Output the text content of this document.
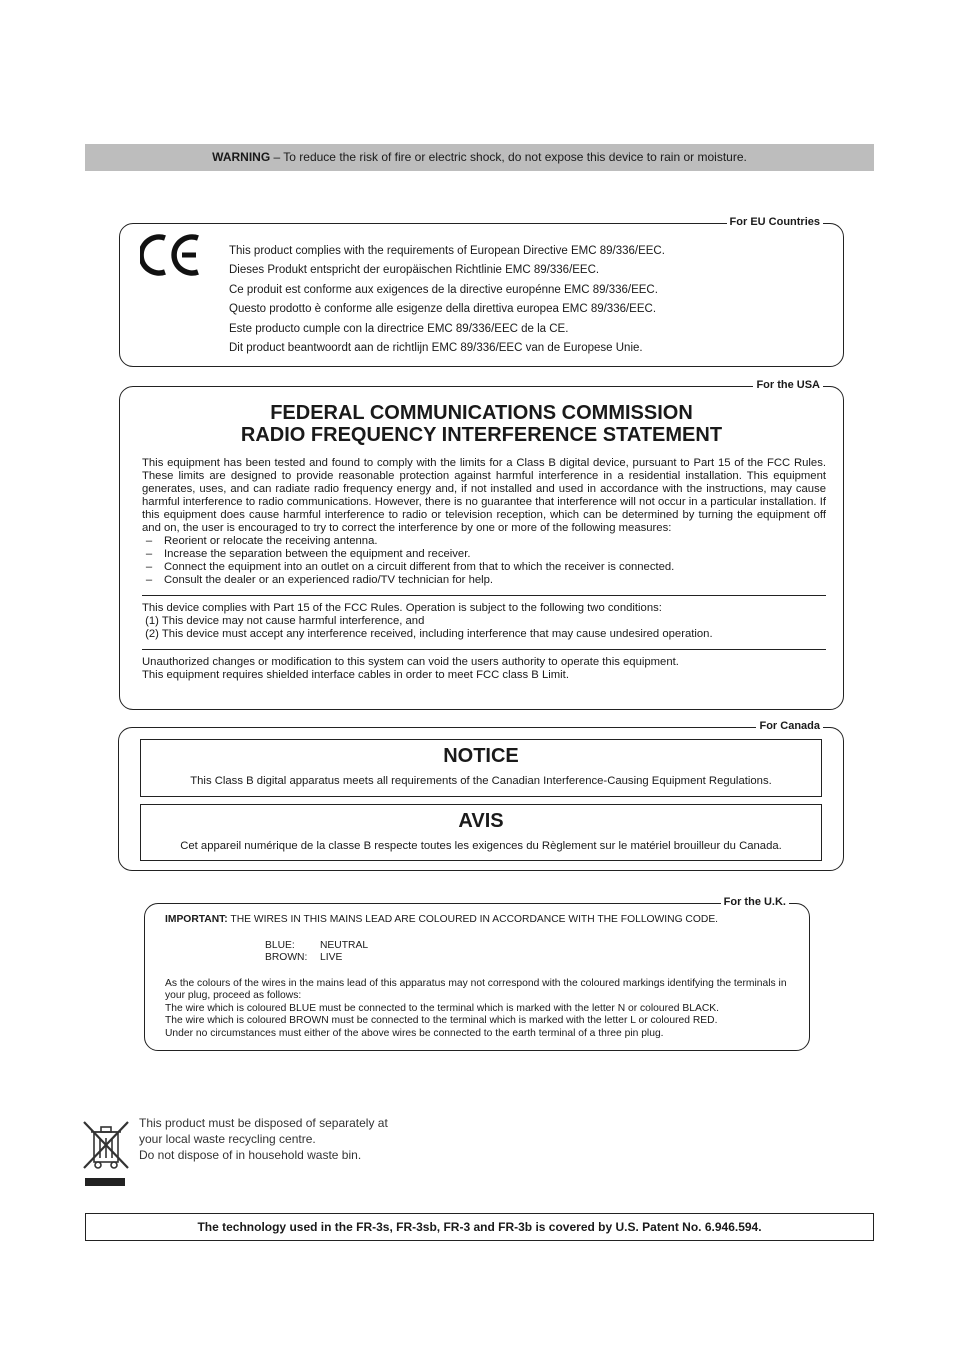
WARNING – To reduce the risk of fire or electric shock, do not expose this device to rain or moisture.
For EU Countries
This product complies with the requirements of European Directive EMC 89/336/EEC.
Dieses Produkt entspricht der europäischen Richtlinie EMC 89/336/EEC.
Ce produit est conforme aux exigences de la directive europénne EMC 89/336/EEC.
Questo prodotto è conforme alle esigenze della direttiva europea EMC 89/336/EEC.
Este producto cumple con la directrice EMC 89/336/EEC de la CE.
Dit product beantwoordt aan de richtlijn EMC 89/336/EEC van de Europese Unie.
For the USA
FEDERAL COMMUNICATIONS COMMISSION
RADIO FREQUENCY INTERFERENCE STATEMENT
This equipment has been tested and found to comply with the limits for a Class B digital device, pursuant to Part 15 of the FCC Rules. These limits are designed to provide reasonable protection against harmful interference in a residential installation. This equipment generates, uses, and can radiate radio frequency energy and, if not installed and used in accordance with the instructions, may cause harmful interference to radio communications. However, there is no guarantee that interference will not occur in a particular installation. If this equipment does cause harmful interference to radio or television reception, which can be determined by turning the equipment off and on, the user is encouraged to try to correct the interference by one or more of the following measures:
–	Reorient or relocate the receiving antenna.
–	Increase the separation between the equipment and receiver.
–	Connect the equipment into an outlet on a circuit different from that to which the receiver is connected.
–	Consult the dealer or an experienced radio/TV technician for help.
This device complies with Part 15 of the FCC Rules. Operation is subject to the following two conditions:
(1) This device may not cause harmful interference, and
(2) This device must accept any interference received, including interference that may cause undesired operation.
Unauthorized changes or modification to this system can void the users authority to operate this equipment.
This equipment requires shielded interface cables in order to meet FCC class B Limit.
For Canada
NOTICE
This Class B digital apparatus meets all requirements of the Canadian Interference-Causing Equipment Regulations.
AVIS
Cet appareil numérique de la classe B respecte toutes les exigences du Règlement sur le matériel brouilleur du Canada.
For the U.K.
IMPORTANT: THE WIRES IN THIS MAINS LEAD ARE COLOURED IN ACCORDANCE WITH THE FOLLOWING CODE.
BLUE: NEUTRAL
BROWN: LIVE
As the colours of the wires in the mains lead of this apparatus may not correspond with the coloured markings identifying the terminals in your plug, proceed as follows:
The wire which is coloured BLUE must be connected to the terminal which is marked with the letter N or coloured BLACK.
The wire which is coloured BROWN must be connected to the terminal which is marked with the letter L or coloured RED.
Under no circumstances must either of the above wires be connected to the earth terminal of a three pin plug.
This product must be disposed of separately at
your local waste recycling centre.
Do not dispose of in household waste bin.
The technology used in the FR-3s, FR-3sb, FR-3 and FR-3b is covered by U.S. Patent No. 6.946.594.
